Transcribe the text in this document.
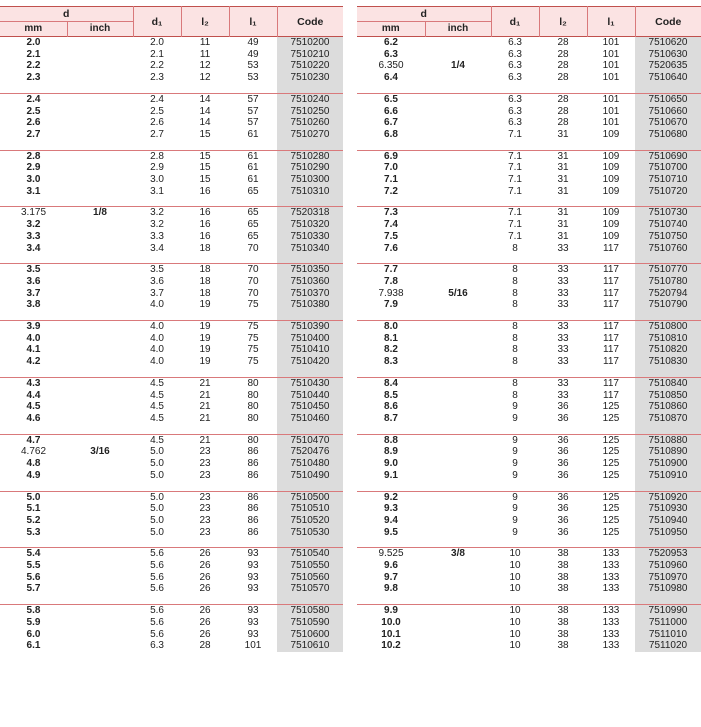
d		d₁	l₂	l₁	Code
mm	inch				
2.0		2.0	11	49	7510200
2.1		2.1	11	49	7510210
2.2		2.2	12	53	7510220
2.3		2.3	12	53	7510230

2.4		2.4	14	57	7510240
2.5		2.5	14	57	7510250
2.6		2.6	14	57	7510260
2.7		2.7	15	61	7510270

2.8		2.8	15	61	7510280
2.9		2.9	15	61	7510290
3.0		3.0	15	61	7510300
3.1		3.1	16	65	7510310

3.175	1/8	3.2	16	65	7520318
3.2		3.2	16	65	7510320
3.3		3.3	16	65	7510330
3.4		3.4	18	70	7510340

3.5		3.5	18	70	7510350
3.6		3.6	18	70	7510360
3.7		3.7	18	70	7510370
3.8		4.0	19	75	7510380

3.9		4.0	19	75	7510390
4.0		4.0	19	75	7510400
4.1		4.0	19	75	7510410
4.2		4.0	19	75	7510420

4.3		4.5	21	80	7510430
4.4		4.5	21	80	7510440
4.5		4.5	21	80	7510450
4.6		4.5	21	80	7510460

4.7		4.5	21	80	7510470
4.762	3/16	5.0	23	86	7520476
4.8		5.0	23	86	7510480
4.9		5.0	23	86	7510490

5.0		5.0	23	86	7510500
5.1		5.0	23	86	7510510
5.2		5.0	23	86	7510520
5.3		5.0	23	86	7510530

5.4		5.6	26	93	7510540
5.5		5.6	26	93	7510550
5.6		5.6	26	93	7510560
5.7		5.6	26	93	7510570

5.8		5.6	26	93	7510580
5.9		5.6	26	93	7510590
6.0		5.6	26	93	7510600
6.1		6.3	28	101	7510610
d		d₁	l₂	l₁	Code
mm	inch				
6.2		6.3	28	101	7510620
6.3		6.3	28	101	7510630
6.350	1/4	6.3	28	101	7520635
6.4		6.3	28	101	7510640

6.5		6.3	28	101	7510650
6.6		6.3	28	101	7510660
6.7		6.3	28	101	7510670
6.8		7.1	31	109	7510680

6.9		7.1	31	109	7510690
7.0		7.1	31	109	7510700
7.1		7.1	31	109	7510710
7.2		7.1	31	109	7510720

7.3		7.1	31	109	7510730
7.4		7.1	31	109	7510740
7.5		7.1	31	109	7510750
7.6		8	33	117	7510760

7.7		8	33	117	7510770
7.8		8	33	117	7510780
7.938	5/16	8	33	117	7520794
7.9		8	33	117	7510790

8.0		8	33	117	7510800
8.1		8	33	117	7510810
8.2		8	33	117	7510820
8.3		8	33	117	7510830

8.4		8	33	117	7510840
8.5		8	33	117	7510850
8.6		9	36	125	7510860
8.7		9	36	125	7510870

8.8		9	36	125	7510880
8.9		9	36	125	7510890
9.0		9	36	125	7510900
9.1		9	36	125	7510910

9.2		9	36	125	7510920
9.3		9	36	125	7510930
9.4		9	36	125	7510940
9.5		9	36	125	7510950

9.525	3/8	10	38	133	7520953
9.6		10	38	133	7510960
9.7		10	38	133	7510970
9.8		10	38	133	7510980

9.9		10	38	133	7510990
10.0		10	38	133	7511000
10.1		10	38	133	7511010
10.2		10	38	133	7511020
